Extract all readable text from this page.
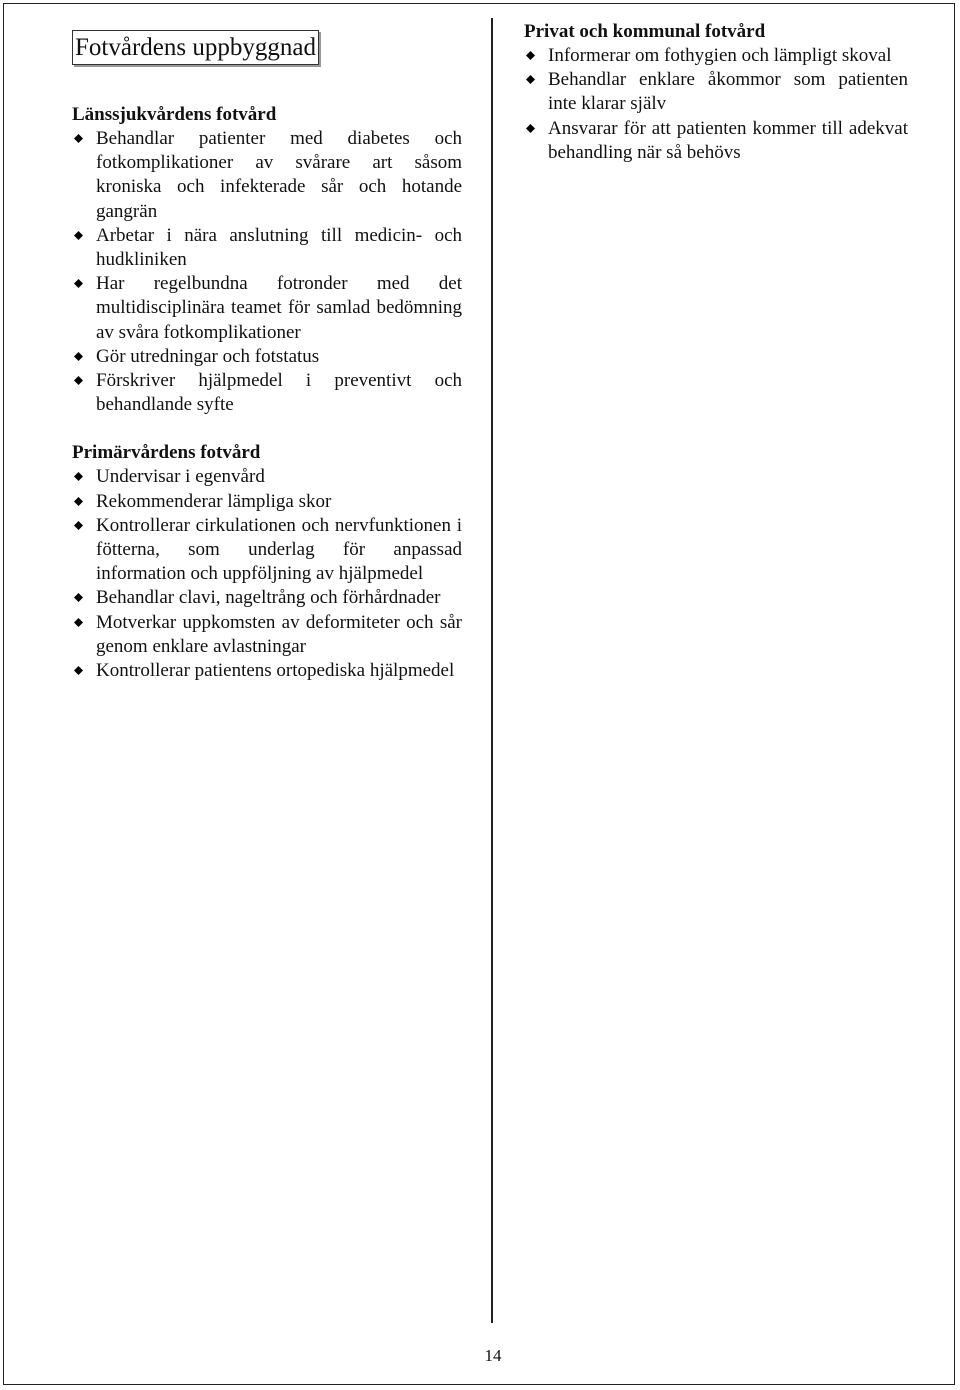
Fotvårdens uppbyggnad

Länssjukvårdens fotvård

Behandlar patienter med diabetes och fotkomplikationer av svårare art såsom kroniska och infekterade sår och hotande gangrän
Arbetar i nära anslutning till medicin- och hudkliniken
Har regelbundna fotronder med det multidisciplinära teamet för samlad bedömning av svåra fotkomplikationer
Gör utredningar och fotstatus
Förskriver hjälpmedel i preventivt och behandlande syfte

Primärvårdens fotvård

Undervisar i egenvård
Rekommenderar lämpliga skor
Kontrollerar cirkulationen och nervfunktionen i fötterna, som underlag för anpassad information och uppföljning av hjälpmedel
Behandlar clavi, nageltrång och förhårdnader
Motverkar uppkomsten av deformiteter och sår genom enklare avlastningar
Kontrollerar patientens ortopediska hjälpmedel

Privat och kommunal fotvård

Informerar om fothygien och lämpligt skoval
Behandlar enklare åkommor som patienten inte klarar själv
Ansvarar för att patienten kommer till adekvat behandling när så behövs
14
